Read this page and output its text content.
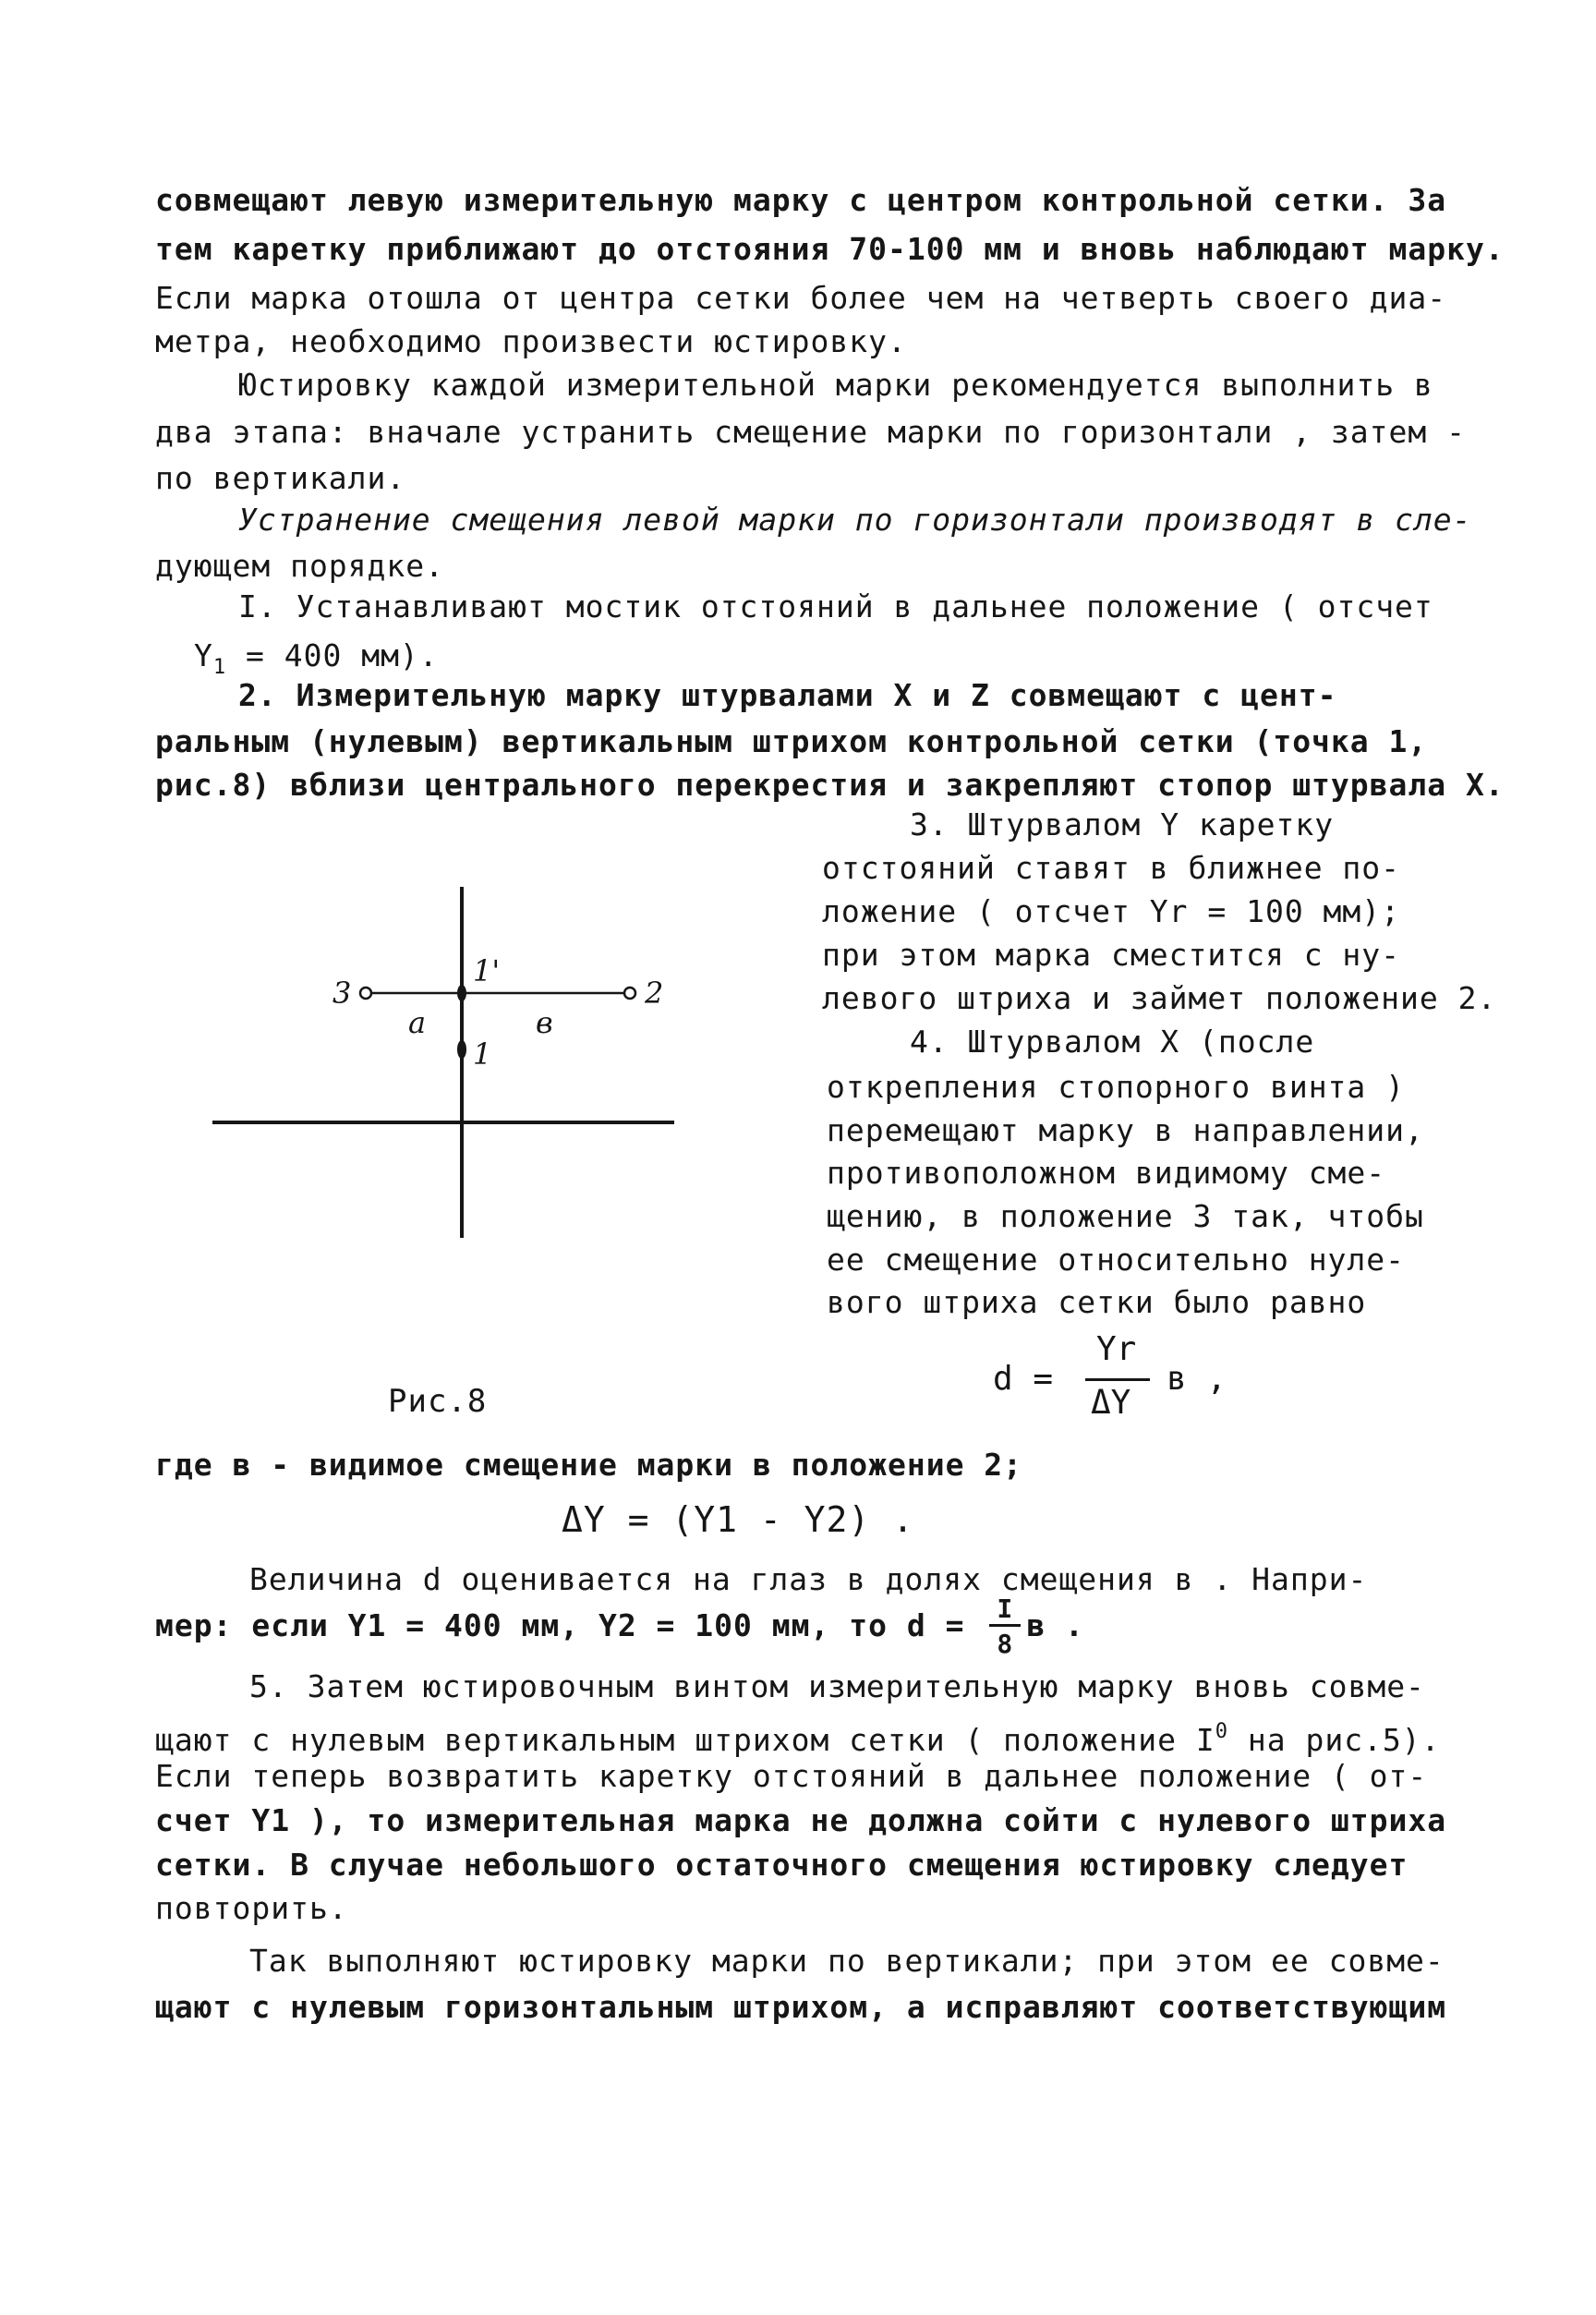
совмещают левую измерительную марку с центром контрольной сетки. За
тем каретку приближают до отстояния 70-100 мм и вновь наблюдают марку.
Если марка отошла от центра сетки более чем на четверть своего диа-
метра, необходимо произвести юстировку.
Юстировку каждой измерительной марки рекомендуется выполнить в
два этапа: вначале устранить смещение марки по горизонтали , затем -
по вертикали.
Устранение смещения левой марки по горизонтали производят в сле-
дующем порядке.
I. Устанавливают мостик отстояний в дальнее положение ( отсчет
$Y_1 = 400$ мм).
2. Измерительную марку штурвалами X и Z совмещают с цент-
ральным (нулевым) вертикальным штрихом контрольной сетки (точка 1,
рис.8) вблизи центрального перекрестия и закрепляют стопор штурвала X.
3. Штурвалом Y каретку
отстояний ставят в ближнее по-
ложение ( отсчет Yr = 100 мм);
при этом марка сместится с ну-
левого штриха и займет положение 2.
4. Штурвалом X (после
открепления стопорного винта )
перемещают марку в направлении,
противоположном видимому сме-
щению, в положение 3 так, чтобы
ее смещение относительно нуле-
вого штриха сетки было равно
d =
Yr
ΔY
в ,
3	2
1'
1
а	в
Рис.8
где в - видимое смещение марки в положение 2;
ΔY = (Y1 - Y2) .
Величина d оценивается на глаз в долях смещения в . Напри-
мер: если Y1 = 400 мм, Y2 = 100 мм, то $d = \frac{I}{8}$ в .
5. Затем юстировочным винтом измерительную марку вновь совме-
щают с нулевым вертикальным штрихом сетки ( положение $I^0$ на рис.5).
Если теперь возвратить каретку отстояний в дальнее положение ( от-
счет Y1 ), то измерительная марка не должна сойти с нулевого штриха
сетки. В случае небольшого остаточного смещения юстировку следует
повторить.
Так выполняют юстировку марки по вертикали; при этом ее совме-
щают с нулевым горизонтальным штрихом, а исправляют соответствующим
